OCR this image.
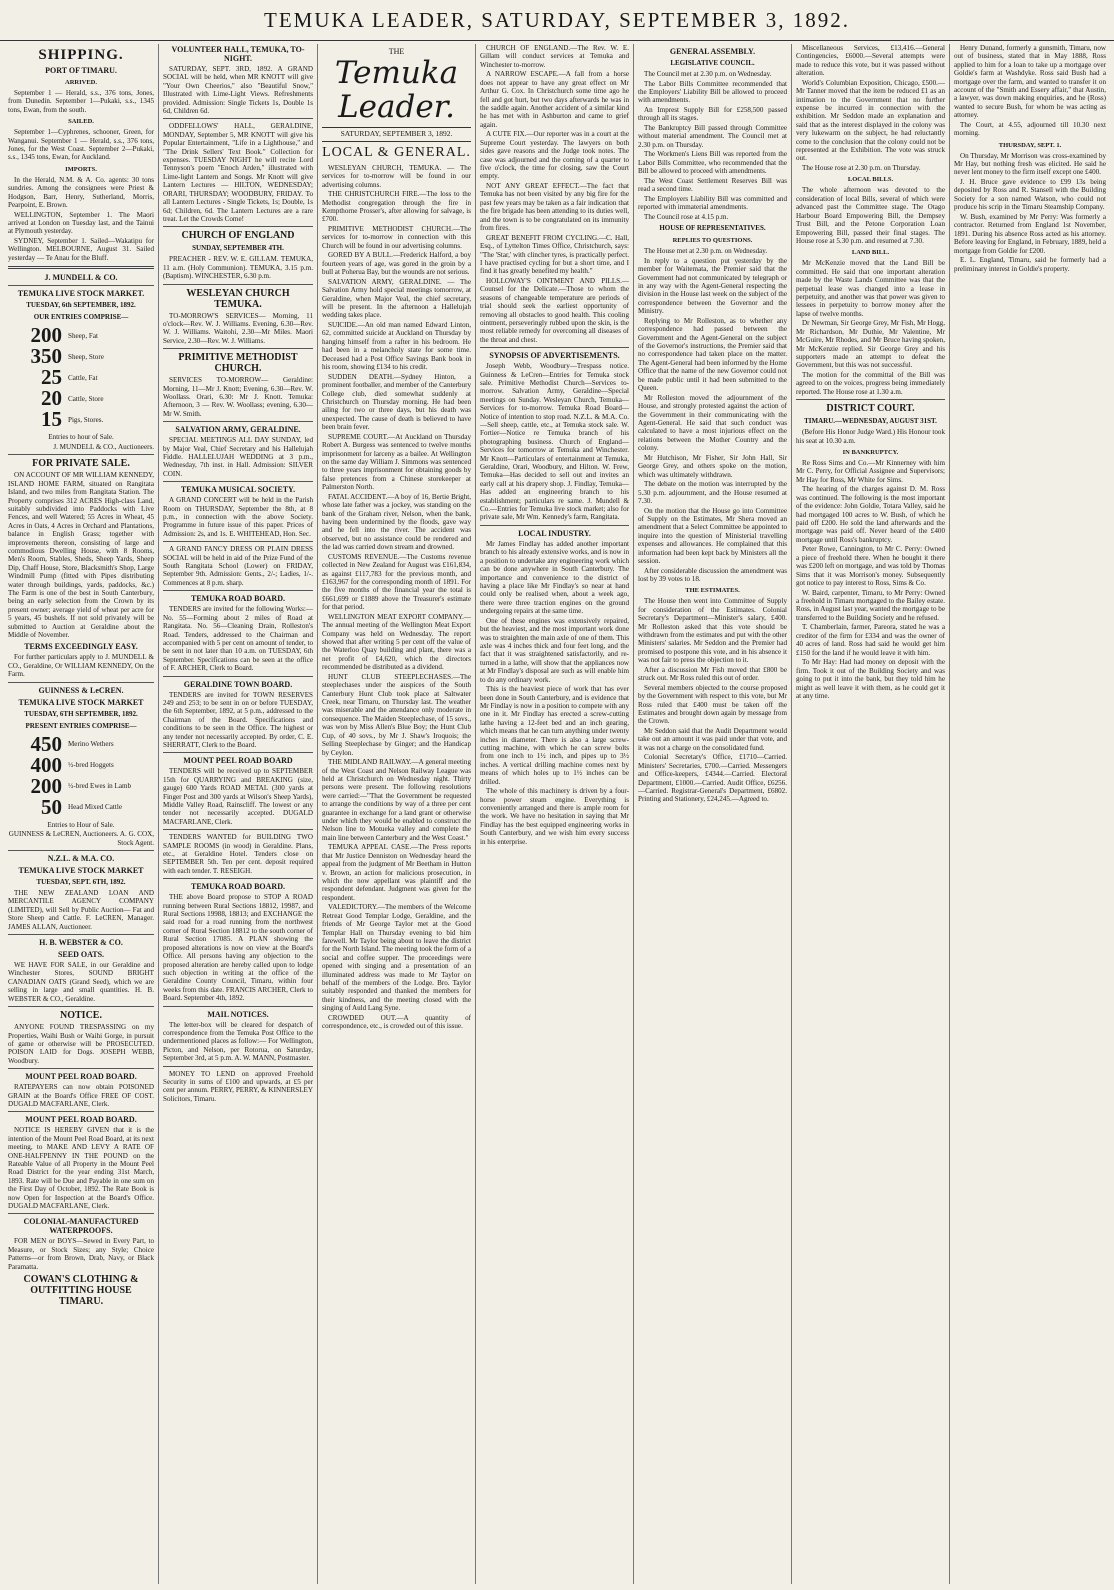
TEMUKA LEADER, SATURDAY, SEPTEMBER 3, 1892.
SHIPPING.
PORT OF TIMARU.
ARRIVED.

September 1 — Herald, s.s., 376 tons, Jones, from Dunedin. September 1—Pukaki, s.s., 1345 tons, Ewan, from the south.

SAILED.

September 1—Cyphrenes, schooner, Green, for Wanganui. September 1 — Herald, s.s., 376 tons, Jones, for the West Coast. September 2—Pukaki, s.s., 1345 tons, Ewan, for Auckland.

IMPORTS.

In the Herald, N.M. & A. Co. agents: 30 tons sundries. Among the consignees were Priest & Hodgson, Barr, Henry, Sutherland, Morris, Pearpoint, E. Brown.

WELLINGTON, September 1. The Maori arrived at London on Tuesday last, and the Tainui at Plymouth yesterday.

SYDNEY, September 1. Sailed—Wakatipu for Wellington. MELBOURNE, August 31. Sailed yesterday — Te Anau for the Bluff.

J. MUNDELL & CO.
TEMUKA LIVE STOCK MARKET.
TUESDAY, 6th SEPTEMBER, 1892.
OUR ENTRIES COMPRISE—
200 Sheep, Fat
350 Sheep, Store
25 Cattle, Fat
20 Cattle, Store
15 Pigs, Stores.

Entries to hour of Sale.

J. MUNDELL & CO., Auctioneers.

FOR PRIVATE SALE.

ON ACCOUNT OF MR WILLIAM KENNEDY, ISLAND HOME FARM, situated on Rangitata Island, and two miles from Rangitata Station. The Property comprises 312 ACRES High-class Land, suitably subdivided into Paddocks with Live Fences, and well Watered; 55 Acres in Wheat, 45 Acres in Oats, 4 Acres in Orchard and Plantations, balance in English Grass; together with improvements thereon, consisting of large and commodious Dwelling House, with 8 Rooms, Men's Room, Stables, Sheds, Sheep Yards, Sheep Dip, Chaff House, Store, Blacksmith's Shop, Large Windmill Pump (fitted with Pipes distributing water through buildings, yards, paddocks, &c.) The Farm is one of the best in South Canterbury, being an early selection from the Crown by its present owner; average yield of wheat per acre for 5 years, 45 bushels. If not sold privately will be submitted to Auction at Geraldine about the Middle of November.

TERMS EXCEEDINGLY EASY.

For further particulars apply to J. MUNDELL & CO., Geraldine, Or WILLIAM KENNEDY, On the Farm.

GUINNESS & LeCREN.
TEMUKA LIVE STOCK MARKET
TUESDAY, 6TH SEPTEMBER, 1892.
PRESENT ENTRIES COMPRISE—
450 Merino Wethers
400 ½-bred Hoggets
200 ½-bred Ewes in Lamb
50 Head Mixed Cattle

Entries to Hour of Sale.

GUINNESS & LeCREN, Auctioneers. A. G. COX, Stock Agent.

N.Z.L. & M.A. CO.
TEMUKA LIVE STOCK MARKET
TUESDAY, SEPT. 6TH, 1892.

THE NEW ZEALAND LOAN AND MERCANTILE AGENCY COMPANY (LIMITED), will Sell by Public Auction— Fat and Store Sheep and Cattle. F. LeCREN, Manager. JAMES ALLAN, Auctioneer.

H. B. WEBSTER & CO.
SEED OATS.

WE HAVE FOR SALE, in our Geraldine and Winchester Stores, SOUND BRIGHT CANADIAN OATS (Grand Seed), which we are selling in large and small quantities. H. B. WEBSTER & CO., Geraldine.

NOTICE.

ANYONE FOUND TRESPASSING on my Properties, Waihi Bush or Waihi Gorge, in pursuit of game or otherwise will be PROSECUTED. POISON LAID for Dogs. JOSEPH WEBB, Woodbury.

MOUNT PEEL ROAD BOARD.

RATEPAYERS can now obtain POISONED GRAIN at the Board's Office FREE OF COST. DUGALD MACFARLANE, Clerk.

MOUNT PEEL ROAD BOARD.

NOTICE IS HEREBY GIVEN that it is the intention of the Mount Peel Road Board, at its next meeting, to MAKE AND LEVY A RATE OF ONE-HALFPENNY IN THE POUND on the Rateable Value of all Property in the Mount Peel Road District for the year ending 31st March, 1893. Rate will be Due and Payable in one sum on the First Day of October, 1892. The Rate Book is now Open for Inspection at the Board's Office. DUGALD MACFARLANE, Clerk.

COLONIAL-MANUFACTURED WATERPROOFS.

FOR MEN or BOYS—Sewed in Every Part, to Measure, or Stock Sizes; any Style; Choice Patterns—or from Brown, Drab, Navy, or Black Paramatta.

COWAN'S CLOTHING & OUTFITTING HOUSE TIMARU.
VOLUNTEER HALL, TEMUKA, TO-NIGHT.

SATURDAY, SEPT. 3RD, 1892. A GRAND SOCIAL will be held, when MR KNOTT will give "Your Own Cheerios," also "Beautiful Snow," Illustrated with Lime-Light Views. Refreshments provided. Admission: Single Tickets 1s, Double 1s 6d, Children 6d.

ODDFELLOWS' HALL, GERALDINE, MONDAY, September 5, MR KNOTT will give his Popular Entertainment, "Life in a Lighthouse," and "The Drink Sellers' Text Book." Collection for expenses. TUESDAY NIGHT he will recite Lord Tennyson's poem "Enoch Arden," illustrated with Lime-light Lantern and Songs. Mr Knott will give Lantern Lectures — HILTON, WEDNESDAY; ORARI, THURSDAY; WOODBURY, FRIDAY. To all Lantern Lectures - Single Tickets, 1s; Double, 1s 6d; Children, 6d. The Lantern Lectures are a rare treat. Let the Crowds Come!

CHURCH OF ENGLAND
SUNDAY, SEPTEMBER 4TH.

PREACHER - REV. W. E. GILLAM. TEMUKA, 11 a.m. (Holy Communion). TEMUKA, 3.15 p.m. (Baptism). WINCHESTER, 6.30 p.m.

WESLEYAN CHURCH TEMUKA.

TO-MORROW'S SERVICES— Morning, 11 o'clock—Rev. W. J. Williams. Evening, 6.30—Rev. W. J. Williams. Waitohi, 2.30—Mr Miles. Maori Service, 2.30—Rev. W. J. Williams.

PRIMITIVE METHODIST CHURCH.

SERVICES TO-MORROW— Geraldine: Morning, 11—Mr J. Knott; Evening, 6.30—Rev. W. Woollass. Orari, 6.30: Mr J. Knott. Temuka: Afternoon, 3 — Rev. W. Woollass; evening, 6.30—Mr W. Smith.

SALVATION ARMY, GERALDINE.

SPECIAL MEETINGS ALL DAY SUNDAY, led by Major Veal, Chief Secretary and his Hallelujah Fiddle. HALLELUJAH WEDDING at 3 p.m., Wednesday, 7th inst. in Hall. Admission: SILVER COIN.

TEMUKA MUSICAL SOCIETY.

A GRAND CONCERT will be held in the Parish Room on THURSDAY, September the 8th, at 8 p.m., in connection with the above Society. Programme in future issue of this paper. Prices of Admission: 2s, and 1s. E. WHITEHEAD, Hon. Sec.

A GRAND FANCY DRESS OR PLAIN DRESS SOCIAL will be held in aid of the Prize Fund of the South Rangitata School (Lower) on FRIDAY, September 9th. Admission: Gents., 2/-; Ladies, 1/-. Commences at 8 p.m. sharp.

TEMUKA ROAD BOARD.

TENDERS are invited for the following Works:— No. 55—Forming about 2 miles of Road at Rangitata. No. 56—Cleaning Drain, Rolleston's Road. Tenders, addressed to the Chairman and accompanied with 5 per cent on amount of tender, to be sent in not later than 10 a.m. on TUESDAY, 6th September. Specifications can be seen at the office of F. ARCHER, Clerk to Board.

GERALDINE TOWN BOARD.

TENDERS are invited for TOWN RESERVES 249 and 253; to be sent in on or before TUESDAY, the 6th September, 1892, at 5 p.m., addressed to the Chairman of the Board. Specifications and conditions to be seen in the Office. The highest or any tender not necessarily accepted. By order, C. E. SHERRATT, Clerk to the Board.

MOUNT PEEL ROAD BOARD

TENDERS will be received up to SEPTEMBER 15th for QUARRYING and BREAKING (size, gauge) 600 Yards ROAD METAL (300 yards at Finger Post and 300 yards at Wilson's Sheep Yards), Middle Valley Road, Rainscliff. The lowest or any tender not necessarily accepted. DUGALD MACFARLANE, Clerk.

TENDERS WANTED for BUILDING TWO SAMPLE ROOMS (in wood) in Geraldine. Plans, etc., at Geraldine Hotel. Tenders close on SEPTEMBER 5th. Ten per cent. deposit required with each tender. T. RESEIGH.

TEMUKA ROAD BOARD.

THE above Board propose to STOP A ROAD running between Rural Sections 18812, 19987, and Rural Sections 19988, 18813; and EXCHANGE the said road for a road running from the northwest corner of Rural Section 18812 to the south corner of Rural Section 17085. A PLAN showing the proposed alterations is now on view at the Board's Office. All persons having any objection to the proposed alteration are hereby called upon to lodge such objection in writing at the office of the Geraldine County Council, Timaru, within four weeks from this date. FRANCIS ARCHER, Clerk to Board. September 4th, 1892.

MAIL NOTICES.

The letter-box will be cleared for despatch of correspondence from the Temuka Post Office to the undermentioned places as follow:— For Wellington, Picton, and Nelson, per Rotorua, on Saturday, September 3rd, at 5 p.m. A. W. MANN, Postmaster.

MONEY TO LEND on approved Freehold Security in sums of £100 and upwards, at £5 per cent per annum. PERRY, PERRY, & KINNERSLEY Solicitors, Timaru.

THE
Temuka Leader.
SATURDAY, SEPTEMBER 3, 1892.
LOCAL & GENERAL.

WESLEYAN CHURCH, TEMUKA. — The services for to-morrow will be found in our advertising columns.

THE CHRISTCHURCH FIRE.—The loss to the Methodist congregation through the fire in Kempthorne Prosser's, after allowing for salvage, is £700.

PRIMITIVE METHODIST CHURCH.—The services for to-morrow in connection with this Church will be found in our advertising columns.

GORED BY A BULL.—Frederick Halford, a boy fourteen years of age, was gored in the groin by a bull at Poherua Bay, but the wounds are not serious.

SALVATION ARMY, GERALDINE. — The Salvation Army hold special meetings tomorrow, at Geraldine, when Major Veal, the chief secretary, will be present. In the afternoon a Hallelujah wedding takes place.

SUICIDE.—An old man named Edward Linton, 62, committed suicide at Auckland on Thursday by hanging himself from a rafter in his bedroom. He had been in a melancholy state for some time. Deceased had a Post Office Savings Bank book in his room, showing £134 to his credit.

SUDDEN DEATH.—Sydney Hinton, a prominent footballer, and member of the Canterbury College club, died somewhat suddenly at Christchurch on Thursday morning. He had been ailing for two or three days, but his death was unexpected. The cause of death is believed to have been brain fever.

SUPREME COURT.—At Auckland on Thursday Robert A. Burgess was sentenced to twelve months imprisonment for larceny as a bailee. At Wellington on the same day William J. Simmons was sentenced to three years imprisonment for obtaining goods by false pretences from a Chinese storekeeper at Palmerston North.

FATAL ACCIDENT.—A boy of 16, Bertie Bright, whose late father was a jockey, was standing on the bank of the Graham river, Nelson, when the bank, having been undermined by the floods, gave way and he fell into the river. The accident was observed, but no assistance could be rendered and the lad was carried down stream and drowned.

CUSTOMS REVENUE.—The Customs revenue collected in New Zealand for August was £161,834, as against £117,783 for the previous month, and £163,967 for the corresponding month of 1891. For the five months of the financial year the total is £661,699 or £1889 above the Treasurer's estimate for that period.

WELLINGTON MEAT EXPORT COMPANY.—The annual meeting of the Wellington Meat Export Company was held on Wednesday. The report showed that after writing 5 per cent off the value of the Waterloo Quay building and plant, there was a net profit of £4,620, which the directors recommended be distributed as a dividend.

HUNT CLUB STEEPLECHASES.—The steeplechases under the auspices of the South Canterbury Hunt Club took place at Saltwater Creek, near Timaru, on Thursday last. The weather was miserable and the attendance only moderate in consequence. The Maiden Steeplechase, of 15 sovs., was won by Miss Allen's Blue Boy; the Hunt Club Cup, of 40 sovs., by Mr J. Shaw's Iroquois; the Selling Steeplechase by Ginger; and the Handicap by Ceylon.

THE MIDLAND RAILWAY.—A general meeting of the West Coast and Nelson Railway League was held at Christchurch on Wednesday night. Thirty persons were present. The following resolutions were carried:—"That the Government be requested to arrange the conditions by way of a three per cent guarantee in exchange for a land grant or otherwise under which they would be enabled to construct the Nelson line to Motueka valley and complete the main line between Canterbury and the West Coast."

TEMUKA APPEAL CASE.—The Press reports that Mr Justice Denniston on Wednesday heard the appeal from the judgment of Mr Beetham in Hutton v. Brown, an action for malicious prosecution, in which the now appellant was plaintiff and the respondent defendant. Judgment was given for the respondent.

VALEDICTORY.—The members of the Welcome Retreat Good Templar Lodge, Geraldine, and the friends of Mr George Taylor met at the Good Templar Hall on Thursday evening to bid him farewell. Mr Taylor being about to leave the district for the North Island. The meeting took the form of a social and coffee supper. The proceedings were opened with singing and a presentation of an illuminated address was made to Mr Taylor on behalf of the members of the Lodge. Bro. Taylor suitably responded and thanked the members for their kindness, and the meeting closed with the singing of Auld Lang Syne.

CROWDED OUT.—A quantity of correspondence, etc., is crowded out of this issue.

CHURCH OF ENGLAND.—The Rev. W. E. Gillam will conduct services at Temuka and Winchester to-morrow.

A NARROW ESCAPE.—A fall from a horse does not appear to have any great effect on Mr Arthur G. Cox. In Christchurch some time ago he fell and got hurt, but two days afterwards he was in the saddle again. Another accident of a similar kind he has met with in Ashburton and came to grief again.

A CUTE FIX.—Our reporter was in a court at the Supreme Court yesterday. The lawyers on both sides gave reasons and the Judge took notes. The case was adjourned and the coming of a quarter to five o'clock, the time for closing, saw the Court empty.

NOT ANY GREAT EFFECT.—The fact that Temuka has not been visited by any big fire for the past few years may be taken as a fair indication that the fire brigade has been attending to its duties well, and the town is to be congratulated on its immunity from fires.

GREAT BENEFIT FROM CYCLING.—C. Hall, Esq., of Lyttelton Times Office, Christchurch, says: "The 'Star,' with clincher tyres, is practically perfect. I have practised cycling for but a short time, and I find it has greatly benefited my health."

HOLLOWAY'S OINTMENT AND PILLS.—Counsel for the Delicate.—Those to whom the seasons of changeable temperature are periods of trial should seek the earliest opportunity of removing all obstacles to good health. This cooling ointment, perseveringly rubbed upon the skin, is the most reliable remedy for overcoming all diseases of the throat and chest.

SYNOPSIS OF ADVERTISEMENTS.

Joseph Webb, Woodbury—Trespass notice. Guinness & LeCren—Entries for Temuka stock sale. Primitive Methodist Church—Services to-morrow. Salvation Army, Geraldine—Special meetings on Sunday. Wesleyan Church, Temuka—Services for to-morrow. Temuka Road Board—Notice of intention to stop road. N.Z.L. & M.A. Co.—Sell sheep, cattle, etc., at Temuka stock sale. W. Fortier—Notice re Temuka branch of his photographing business. Church of England—Services for tomorrow at Temuka and Winchester. Mr Knott—Particulars of entertainment at Temuka, Geraldine, Orari, Woodbury, and Hilton. W. Frew, Temuka—Has decided to sell out and invites an early call at his drapery shop. J. Findlay, Temuka—Has added an engineering branch to his establishment; particulars re same. J. Mundell & Co.—Entries for Temuka live stock market; also for private sale, Mr Wm. Kennedy's farm, Rangitata.

LOCAL INDUSTRY.

Mr James Findlay has added another important branch to his already extensive works, and is now in a position to undertake any engineering work which can be done anywhere in South Canterbury. The importance and convenience to the district of having a place like Mr Findlay's so near at hand could only be realised when, about a week ago, there were three traction engines on the ground undergoing repairs at the same time.

One of these engines was extensively repaired, but the heaviest, and the most important work done was to straighten the main axle of one of them. This axle was 4 inches thick and four feet long, and the fact that it was straightened satisfactorily, and re-turned in a lathe, will show that the appliances now at Mr Findlay's disposal are such as will enable him to do any ordinary work.

This is the heaviest piece of work that has ever been done in South Canterbury, and is evidence that Mr Findlay is now in a position to compete with any one in it. Mr Findlay has erected a screw-cutting lathe having a 12-feet bed and an inch gearing, which means that he can turn anything under twenty inches in diameter. There is also a large screw-cutting machine, with which he can screw bolts from one inch to 1½ inch, and pipes up to 3½ inches. A vertical drilling machine comes next by means of which holes up to 1½ inches can be drilled.

The whole of this machinery is driven by a four-horse power steam engine. Everything is conveniently arranged and there is ample room for the work. We have no hesitation in saying that Mr Findlay has the best equipped engineering works in South Canterbury, and we wish him every success in his enterprise.

GENERAL ASSEMBLY.
LEGISLATIVE COUNCIL.

The Council met at 2.30 p.m. on Wednesday.

The Labor Bills Committee recommended that the Employers' Liability Bill be allowed to proceed with amendments.

An Imprest Supply Bill for £258,500 passed through all its stages.

The Bankruptcy Bill passed through Committee without material amendment. The Council met at 2.30 p.m. on Thursday.

The Workmen's Liens Bill was reported from the Labor Bills Committee, who recommended that the Bill be allowed to proceed with amendments.

The West Coast Settlement Reserves Bill was read a second time.

The Employers Liability Bill was committed and reported with immaterial amendments.

The Council rose at 4.15 p.m.

HOUSE OF REPRESENTATIVES.
REPLIES TO QUESTIONS.

The House met at 2.30 p.m. on Wednesday.

In reply to a question put yesterday by the member for Waitemata, the Premier said that the Government had not communicated by telegraph or in any way with the Agent-General respecting the division in the House last week on the subject of the correspondence between the Governor and the Ministry.

Replying to Mr Rolleston, as to whether any correspondence had passed between the Government and the Agent-General on the subject of the Governor's instructions, the Premier said that no correspondence had taken place on the matter. The Agent-General had been informed by the Home Office that the name of the new Governor could not be made public until it had been submitted to the Queen.

Mr Rolleston moved the adjournment of the House, and strongly protested against the action of the Government in their communicating with the Agent-General. He said that such conduct was calculated to have a most injurious effect on the relations between the Mother Country and the colony.

Mr Hutchison, Mr Fisher, Sir John Hall, Sir George Grey, and others spoke on the motion, which was ultimately withdrawn.

The debate on the motion was interrupted by the 5.30 p.m. adjournment, and the House resumed at 7.30.

On the motion that the House go into Committee of Supply on the Estimates, Mr Shera moved an amendment that a Select Committee be appointed to inquire into the question of Ministerial travelling expenses and allowances. He complained that this information had been kept back by Ministers all the session.

After considerable discussion the amendment was lost by 39 votes to 18.

THE ESTIMATES.

The House then went into Committee of Supply for consideration of the Estimates. Colonial Secretary's Department—Minister's salary, £400. Mr Rolleston asked that this vote should be withdrawn from the estimates and put with the other Ministers' salaries. Mr Seddon and the Premier had promised to postpone this vote, and in his absence it was not fair to press the objection to it.

After a discussion Mr Fish moved that £800 be struck out. Mr Ross ruled this out of order.

Several members objected to the course proposed by the Government with respect to this vote, but Mr Ross ruled that £400 must be taken off the Estimates and brought down again by message from the Crown.

Mr Seddon said that the Audit Department would take out an amount it was paid under that vote, and it was not a charge on the consolidated fund.

Colonial Secretary's Office, £1710—Carried. Ministers' Secretaries, £700.—Carried. Messengers and Office-keepers, £4344.—Carried. Electoral Department, £1000.—Carried. Audit Office, £6256.—Carried. Registrar-General's Department, £6802. Printing and Stationery, £24,245.—Agreed to.

Miscellaneous Services, £13,416.—General Contingencies, £6000.—Several attempts were made to reduce this vote, but it was passed without alteration.

World's Columbian Exposition, Chicago, £500.—Mr Tanner moved that the item be reduced £1 as an intimation to the Government that no further expense be incurred in connection with the exhibition. Mr Seddon made an explanation and said that as the interest displayed in the colony was very lukewarm on the subject, he had reluctantly come to the conclusion that the colony could not be represented at the Exhibition. The vote was struck out.

The House rose at 2.30 p.m. on Thursday.

LOCAL BILLS.

The whole afternoon was devoted to the consideration of local Bills, several of which were advanced past the Committee stage. The Otago Harbour Board Empowering Bill, the Dempsey Trust Bill, and the Petone Corporation Loan Empowering Bill, passed their final stages. The House rose at 5.30 p.m. and resumed at 7.30.

LAND BILL.

Mr McKenzie moved that the Land Bill be committed. He said that one important alteration made by the Waste Lands Committee was that the perpetual lease was changed into a lease in perpetuity, and another was that power was given to lessees in perpetuity to borrow money after the lapse of twelve months.

Dr Newman, Sir George Grey, Mr Fish, Mr Hogg, Mr Richardson, Mr Duthie, Mr Valentine, Mr McGuire, Mr Rhodes, and Mr Bruce having spoken, Mr McKenzie replied. Sir George Grey and his supporters made an attempt to defeat the Government, but this was not successful.

The motion for the committal of the Bill was agreed to on the voices, progress being immediately reported. The House rose at 1.30 a.m.

DISTRICT COURT.
TIMARU.—WEDNESDAY, AUGUST 31ST.

(Before His Honor Judge Ward.) His Honour took his seat at 10.30 a.m.

IN BANKRUPTCY.

Re Ross Sims and Co.—Mr Kinnerney with him Mr C. Perry, for Official Assignee and Supervisors; Mr Hay for Ross, Mr White for Sims.

The hearing of the charges against D. M. Ross was continued. The following is the most important of the evidence: John Goldie, Totara Valley, said he had mortgaged 100 acres to W. Bush, of which he paid off £200. He sold the land afterwards and the mortgage was paid off. Never heard of the £400 mortgage until Ross's bankruptcy.

Peter Rowe, Cannington, to Mr C. Perry: Owned a piece of freehold there. When he bought it there was £200 left on mortgage, and was told by Thomas Sims that it was Morrison's money. Subsequently got notice to pay interest to Ross, Sims & Co.

W. Baird, carpenter, Timaru, to Mr Perry: Owned a freehold in Timaru mortgaged to the Bailey estate. Ross, in August last year, wanted the mortgage to be transferred to the Building Society and he refused.

T. Chamberlain, farmer, Pareora, stated he was a creditor of the firm for £334 and was the owner of 40 acres of land. Ross had said he would get him £150 for the land if he would leave it with him.

To Mr Hay: Had had money on deposit with the firm. Took it out of the Building Society and was going to put it into the bank, but they told him he might as well leave it with them, as he could get it at any time.

Henry Dunand, formerly a gunsmith, Timaru, now out of business, stated that in May 1888, Ross applied to him for a loan to take up a mortgage over Goldie's farm at Washdyke. Ross said Bush had a mortgage over the farm, and wanted to transfer it on account of the "Smith and Essery affair," that Austin, a lawyer, was down making enquiries, and he (Ross) wanted to secure Bush, for whom he was acting as attorney.

The Court, at 4.55, adjourned till 10.30 next morning.

THURSDAY, SEPT. 1.

On Thursday, Mr Morrison was cross-examined by Mr Hay, but nothing fresh was elicited. He said he never lent money to the firm itself except one £400.

J. H. Bruce gave evidence to £99 13s being deposited by Ross and R. Stansell with the Building Society for a son named Watson, who could not produce his scrip in the Timaru Steamship Company.

W. Bush, examined by Mr Perry: Was formerly a contractor. Returned from England 1st November, 1891. During his absence Ross acted as his attorney. Before leaving for England, in February, 1889, held a mortgage from Goldie for £200.

E. L. England, Timaru, said he formerly had a preliminary interest in Goldie's property.
